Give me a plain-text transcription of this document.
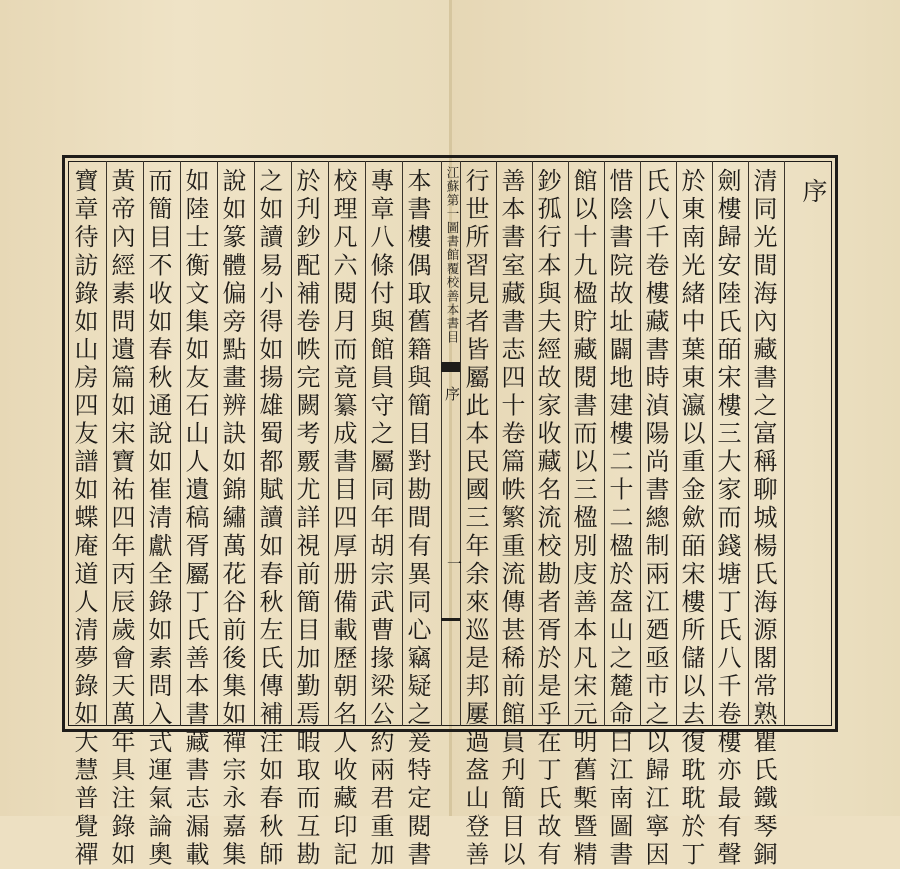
序
清同光間海內藏書之富稱聊城楊氏海源閣常熟瞿氏鐵琴銅
劍樓歸安陸氏皕宋樓三大家而錢塘丁氏八千卷樓亦最有聲
於東南光緒中葉東瀛以重金歛皕宋樓所儲以去復耽耽於丁
氏八千卷樓藏書時湞陽尚書總制兩江廼亟市之以歸江寧因
惜陰書院故址闢地建樓二十二楹於盋山之麓命曰江南圖書
館以十九楹貯藏閱書而以三楹別庋善本凡宋元明舊槧暨精
鈔孤行本與夫經故家收藏名流校勘者胥於是乎在丁氏故有
江蘇第一圖書館覆校善本書目
序
一
本書樓偶取舊籍與簡目對勘間有異同心竊疑之爰特定閱書
專章八條付與館員守之屬同年胡宗武曹掾梁公約兩君重加
校理凡六閱月而竟纂成書目四厚册備載歷朝名人收藏印記
於刋鈔配補卷帙完闕考覈尤詳視前簡目加勤焉暇取而互勘
之如讀易小得如揚雄蜀都賦讀如春秋左氏傳補注如春秋師
說如篆體偏旁點畫辨訣如錦繡萬花谷前後集如禪宗永嘉集
如陸士衡文集如友石山人遺稿胥屬丁氏善本書藏書志漏載	善本書室藏書志四十卷篇帙繁重流傳甚稀前館員刋簡目以
行世所習見者皆屬此本民國三年余來巡是邦屢過盋山登善
而簡目不收如春秋通說如崔清獻全錄如素問入式運氣論奧
黃帝內經素問遺篇如宋寶祐四年丙辰歲會天萬年具注錄如
寶章待訪錄如山房四友譜如蝶庵道人清夢錄如大慧普覺禪
